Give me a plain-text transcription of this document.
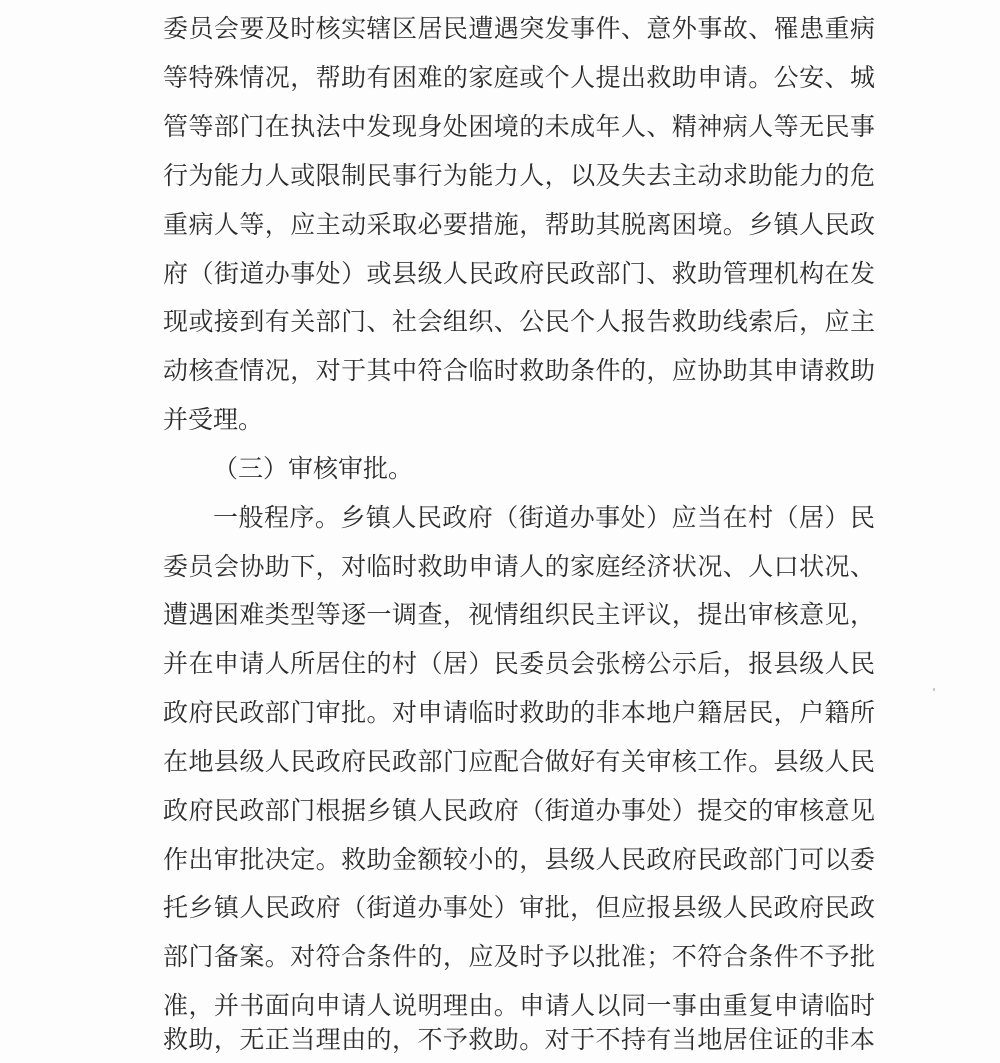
委员会要及时核实辖区居民遭遇突发事件、意外事故、罹患重病
等特殊情况，帮助有困难的家庭或个人提出救助申请。公安、城
管等部门在执法中发现身处困境的未成年人、精神病人等无民事
行为能力人或限制民事行为能力人，以及失去主动求助能力的危
重病人等，应主动采取必要措施，帮助其脱离困境。乡镇人民政
府（街道办事处）或县级人民政府民政部门、救助管理机构在发
现或接到有关部门、社会组织、公民个人报告救助线索后，应主
动核查情况，对于其中符合临时救助条件的，应协助其申请救助
并受理。
（三）审核审批。
一般程序。乡镇人民政府（街道办事处）应当在村（居）民
委员会协助下，对临时救助申请人的家庭经济状况、人口状况、
遭遇困难类型等逐一调查，视情组织民主评议，提出审核意见，
并在申请人所居住的村（居）民委员会张榜公示后，报县级人民
政府民政部门审批。对申请临时救助的非本地户籍居民，户籍所
在地县级人民政府民政部门应配合做好有关审核工作。县级人民
政府民政部门根据乡镇人民政府（街道办事处）提交的审核意见
作出审批决定。救助金额较小的，县级人民政府民政部门可以委
托乡镇人民政府（街道办事处）审批，但应报县级人民政府民政
部门备案。对符合条件的，应及时予以批准；不符合条件不予批
准，并书面向申请人说明理由。申请人以同一事由重复申请临时
救助，无正当理由的，不予救助。对于不持有当地居住证的非本
